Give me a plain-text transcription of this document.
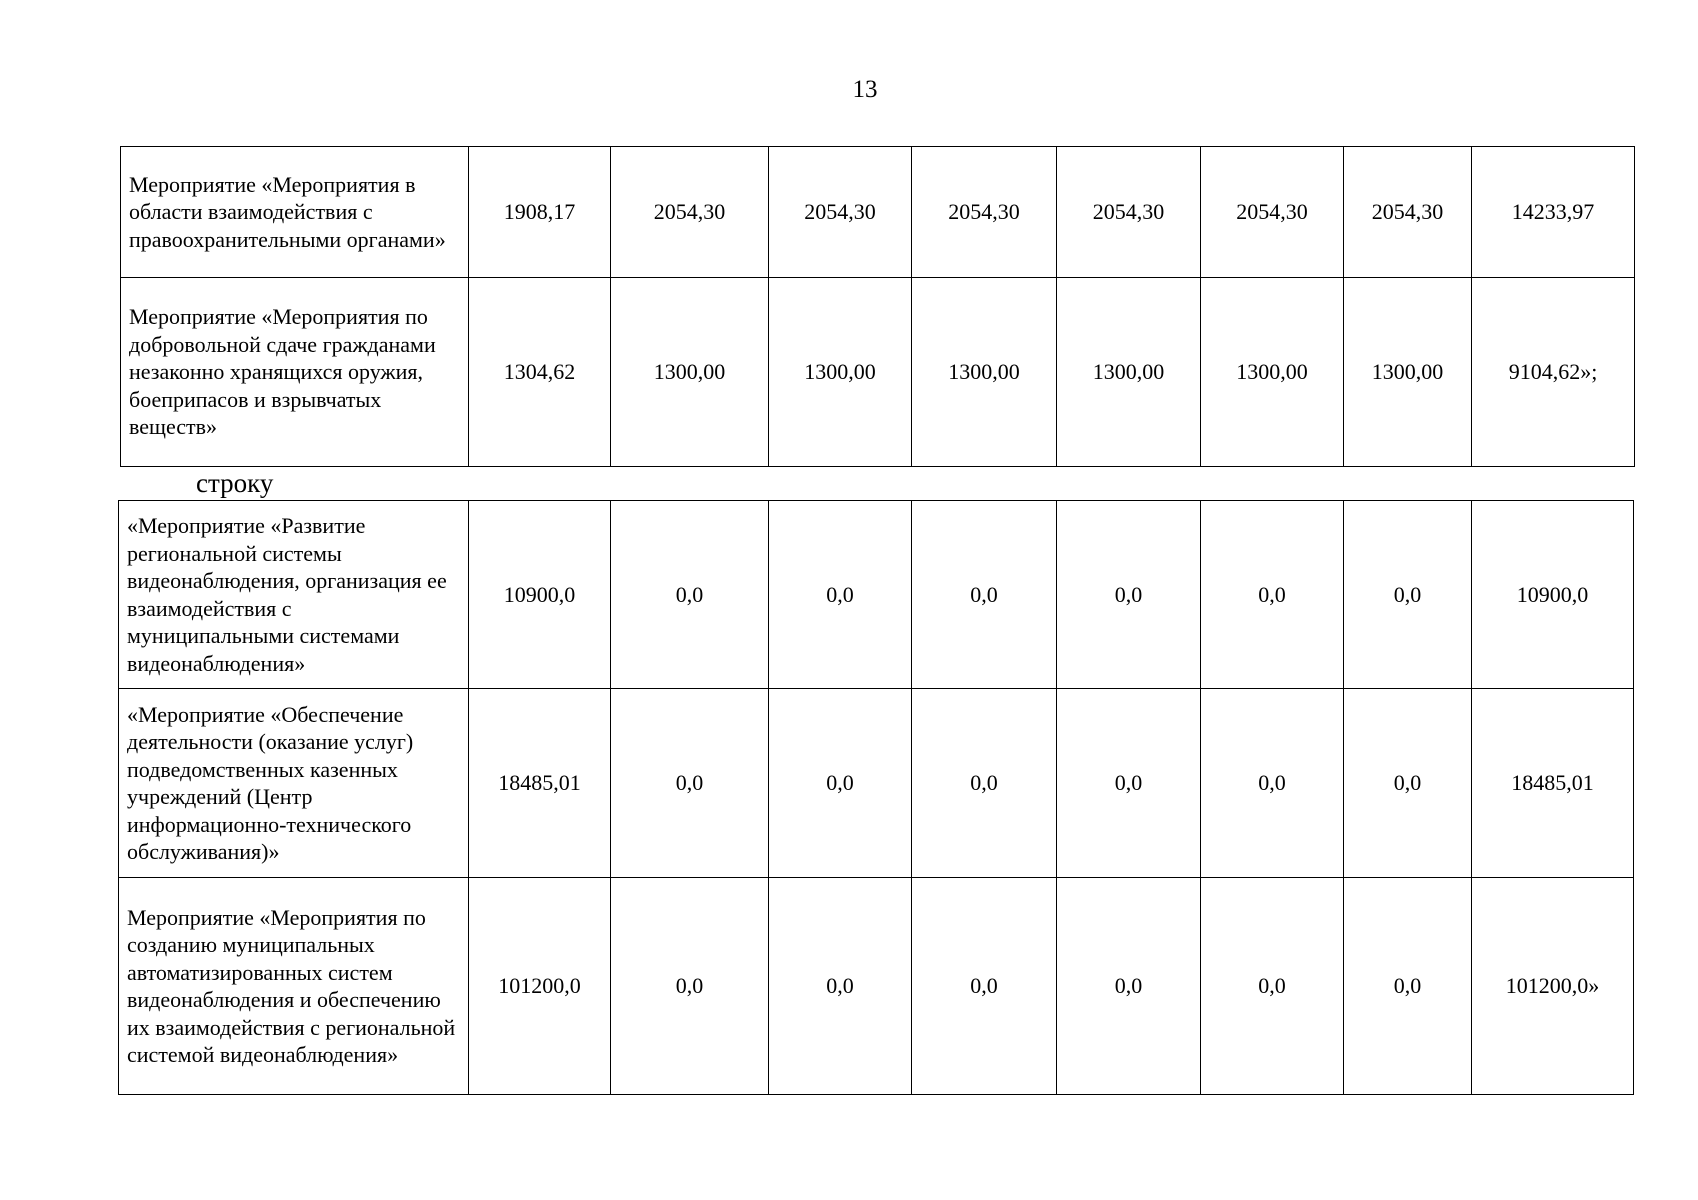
13
Мероприятие «Мероприятия в области взаимодействия с правоохранительными органами»	1908,17	2054,30	2054,30	2054,30	2054,30	2054,30	2054,30	14233,97
Мероприятие «Мероприятия по добровольной сдаче гражданами незаконно хранящихся оружия, боеприпасов и взрывчатых веществ»	1304,62	1300,00	1300,00	1300,00	1300,00	1300,00	1300,00	9104,62»;
строку
«Мероприятие «Развитие региональной системы видеонаблюдения, организация ее взаимодействия с муниципальными системами видеонаблюдения»	10900,0	0,0	0,0	0,0	0,0	0,0	0,0	10900,0
«Мероприятие «Обеспечение деятельности (оказание услуг) подведомственных казенных учреждений (Центр информационно-технического обслуживания)»	18485,01	0,0	0,0	0,0	0,0	0,0	0,0	18485,01
Мероприятие «Мероприятия по созданию муниципальных автоматизированных систем видеонаблюдения и обеспечению их взаимодействия с региональной системой видеонаблюдения»	101200,0	0,0	0,0	0,0	0,0	0,0	0,0	101200,0»
